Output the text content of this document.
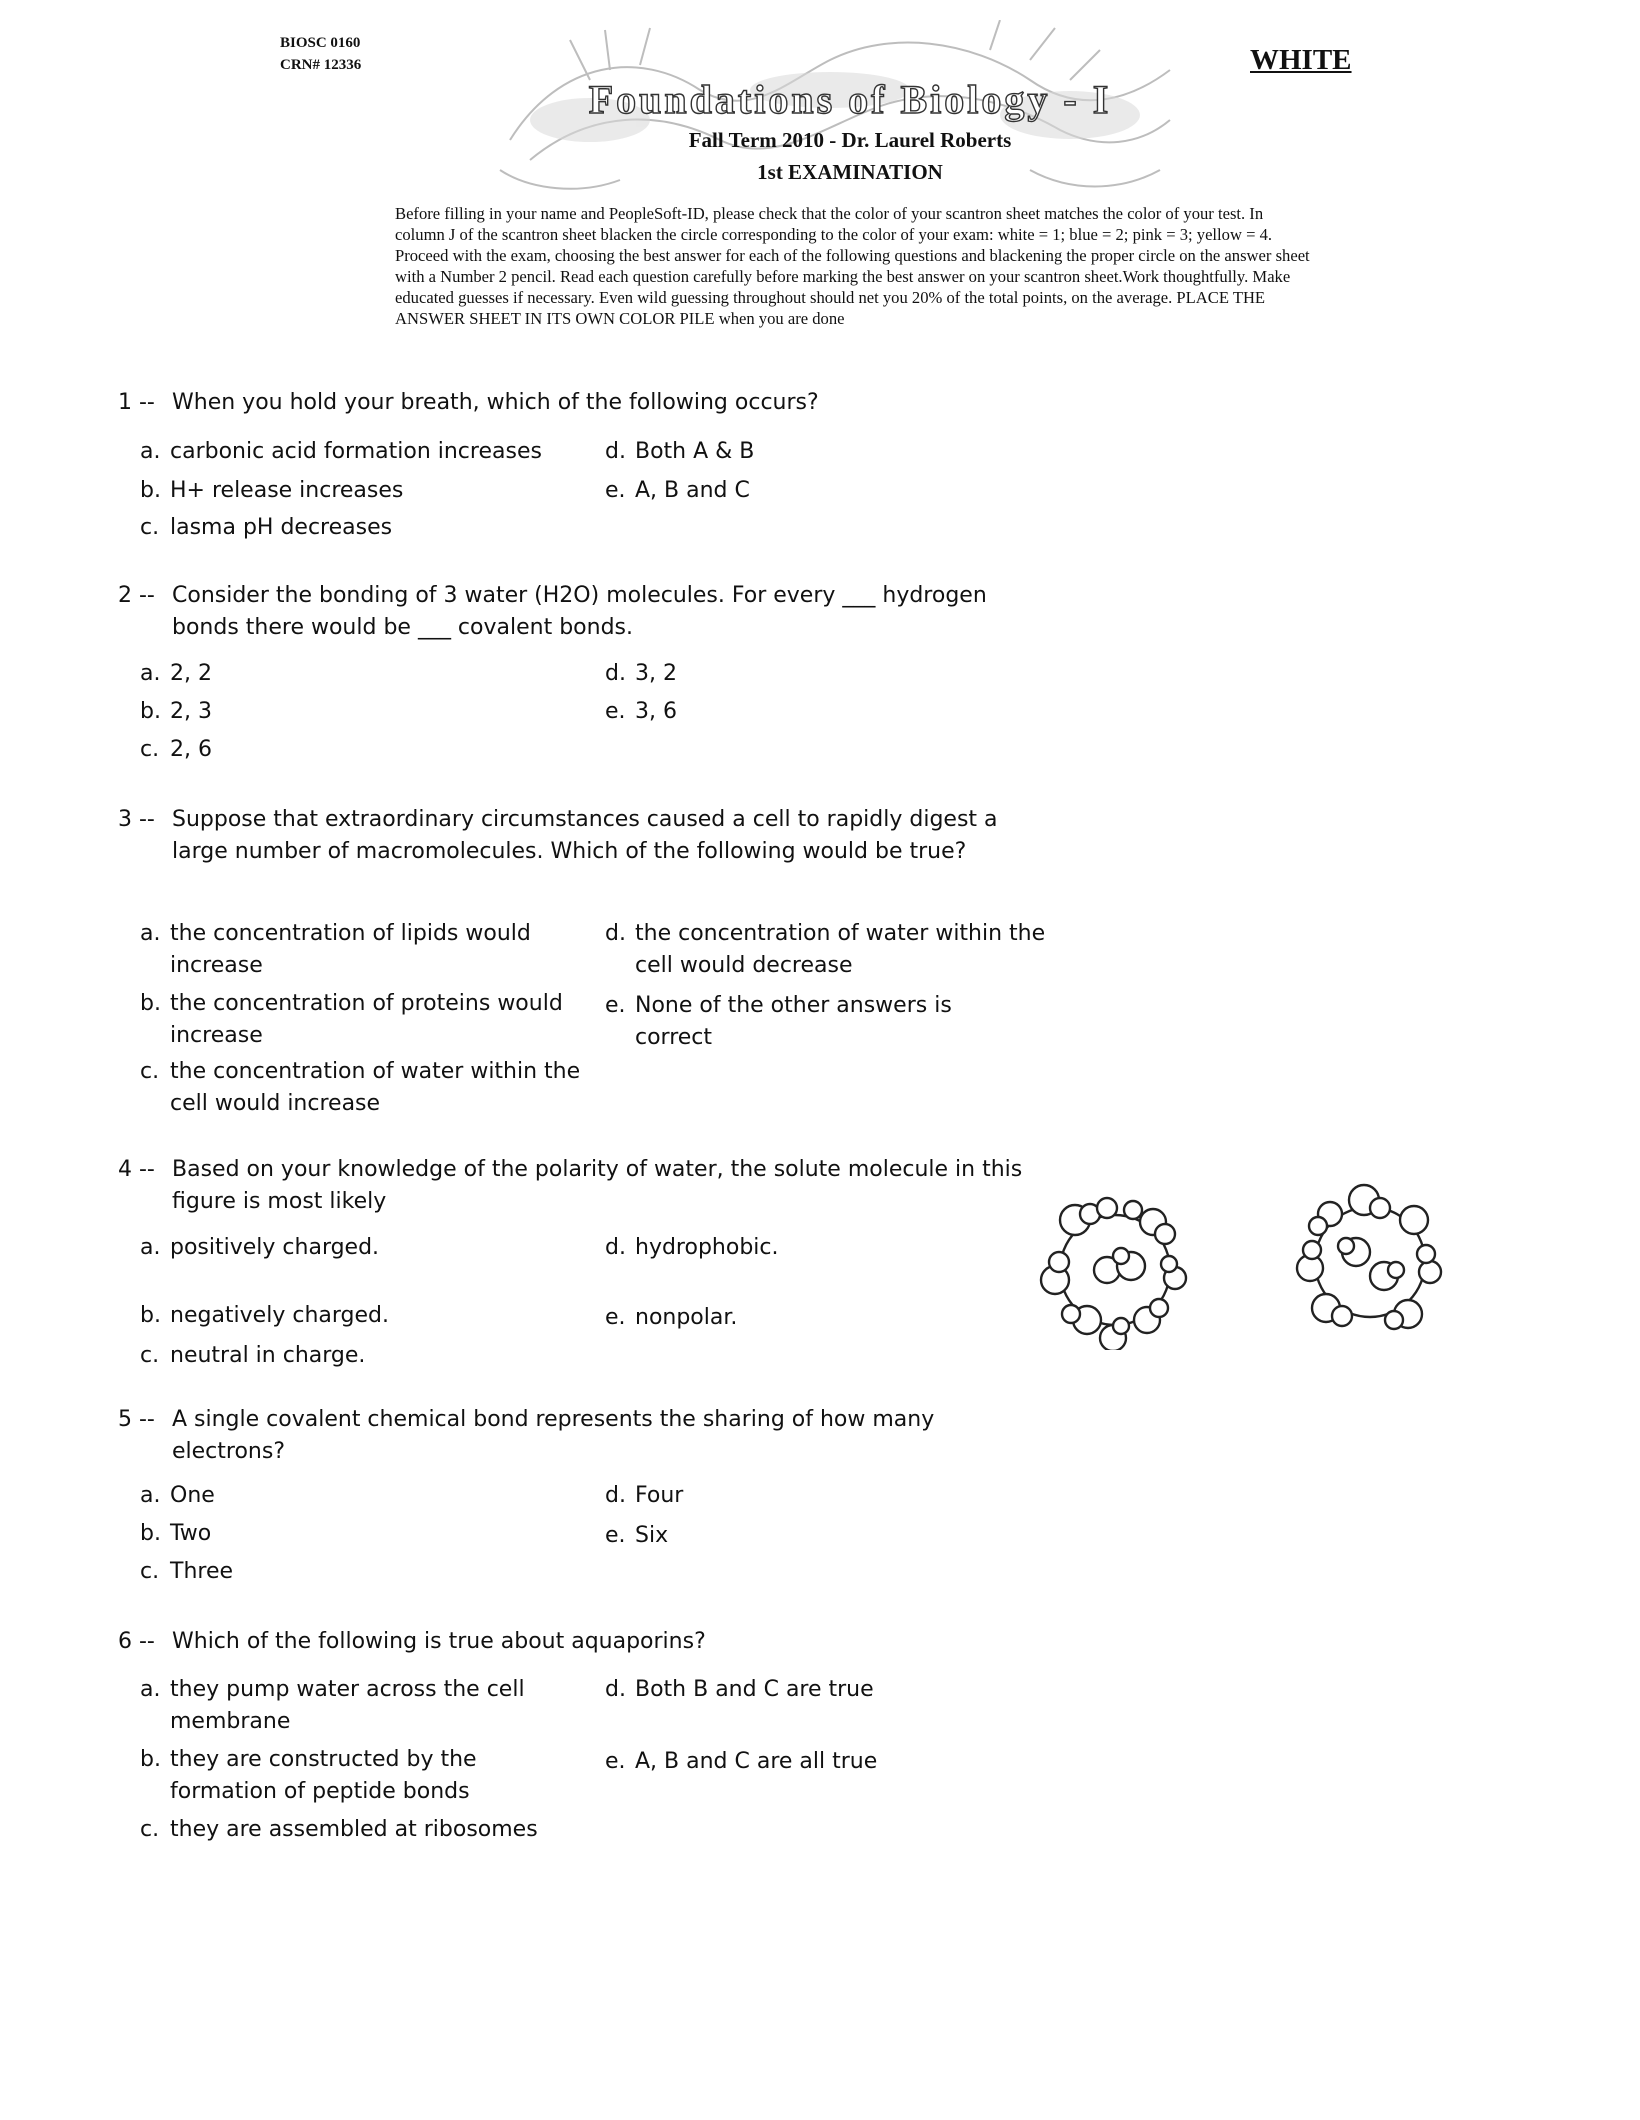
BIOSC 0160
CRN# 12336	WHITE
Foundations of Biology - I
Fall Term 2010 - Dr. Laurel Roberts
1st EXAMINATION

Before filling in your name and PeopleSoft-ID, please check that the color of your scantron sheet matches the color of your test. In column J of the scantron sheet blacken the circle corresponding to the color of your exam: white = 1; blue = 2; pink = 3; yellow = 4. Proceed with the exam, choosing the best answer for each of the following questions and blackening the proper circle on the answer sheet with a Number 2 pencil. Read each question carefully before marking the best answer on your scantron sheet.Work thoughtfully. Make educated guesses if necessary. Even wild guessing throughout should net you 20% of the total points, on the average. PLACE THE ANSWER SHEET IN ITS OWN COLOR PILE when you are done

1 -- When you hold your breath, which of the following occurs?
a. carbonic acid formation increases
b. H+ release increases
c. lasma pH decreases
d. Both A & B
e. A, B and C
2 -- Consider the bonding of 3 water (H2O) molecules. For every ___ hydrogen bonds there would be ___ covalent bonds.
a. 2, 2
b. 2, 3
c. 2, 6
d. 3, 2
e. 3, 6
3 -- Suppose that extraordinary circumstances caused a cell to rapidly digest a large number of macromolecules. Which of the following would be true?
a. the concentration of lipids would increase
b. the concentration of proteins would increase
c. the concentration of water within the cell would increase
d. the concentration of water within the cell would decrease
e. None of the other answers is correct
4 -- Based on your knowledge of the polarity of water, the solute molecule in this figure is most likely
a. positively charged.
b. negatively charged.
c. neutral in charge.
d. hydrophobic.
e. nonpolar.
5 -- A single covalent chemical bond represents the sharing of how many electrons?
a. One
b. Two
c. Three
d. Four
e. Six
6 -- Which of the following is true about aquaporins?
a. they pump water across the cell membrane
b. they are constructed by the formation of peptide bonds
c. they are assembled at ribosomes
d. Both B and C are true
e. A, B and C are all true
